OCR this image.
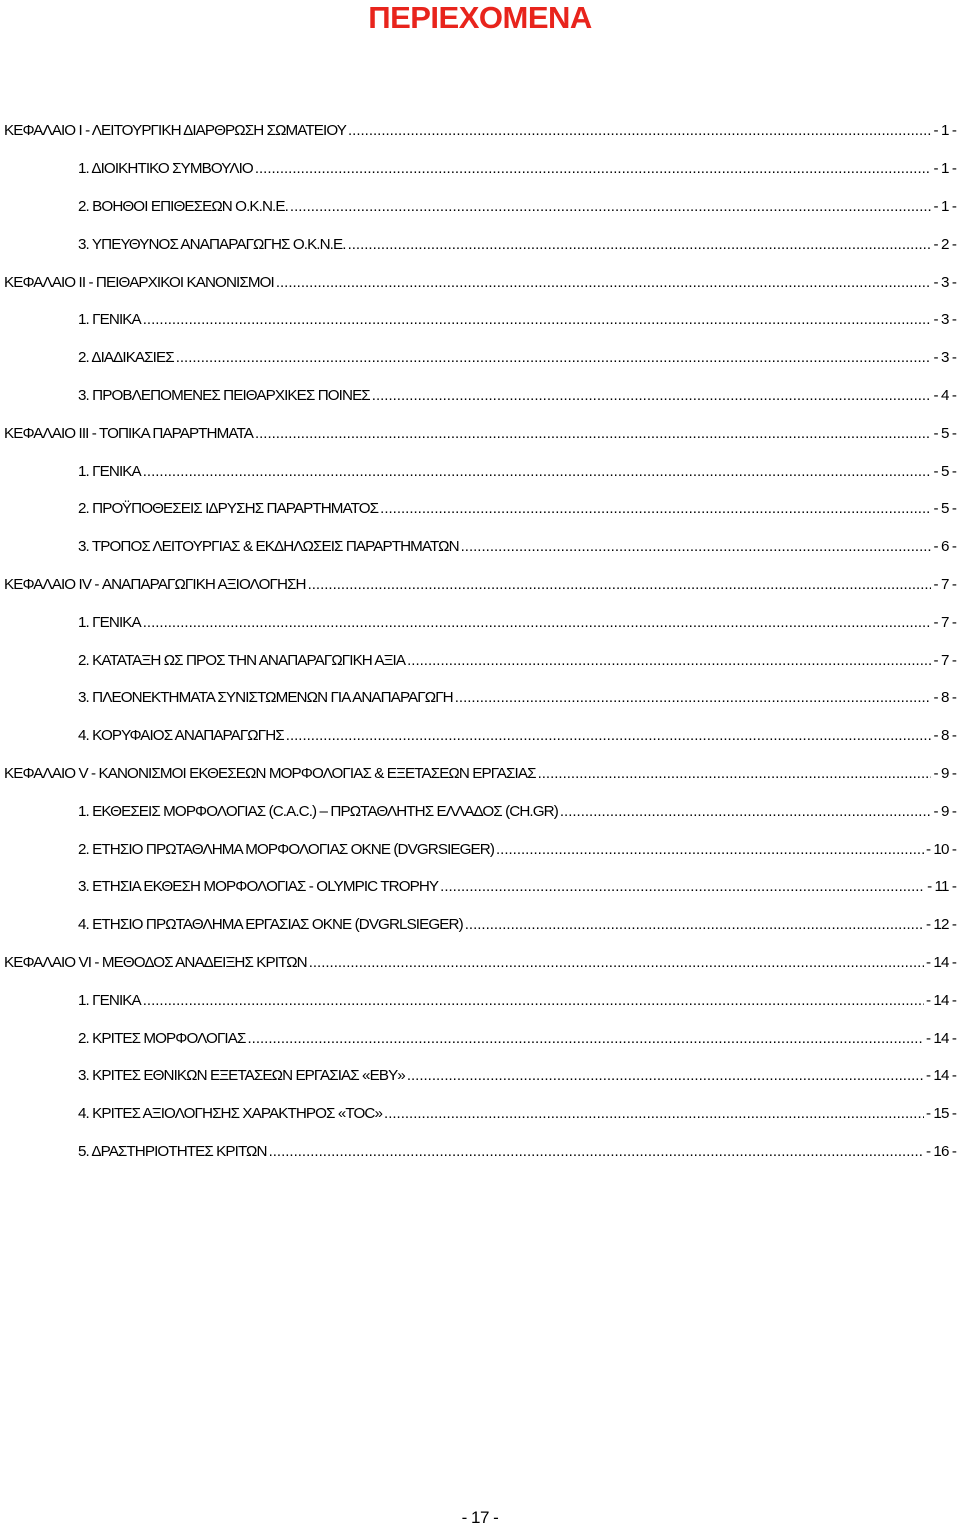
ΠΕΡΙΕΧΟΜΕΝΑ
ΚΕΦΑΛΑΙΟ Ι - ΛΕΙΤΟΥΡΓΙΚΗ ΔΙΑΡΘΡΩΣΗ ΣΩΜΑΤΕΙΟΥ .....	- 1 -
1. ΔΙΟΙΚΗΤΙΚΟ ΣΥΜΒΟΥΛΙΟ .....	- 1 -
2. ΒΟΗΘΟΙ ΕΠΙΘΕΣΕΩΝ Ο.Κ.Ν.Ε. .....	- 1 -
3. ΥΠΕΥΘΥΝΟΣ ΑΝΑΠΑΡΑΓΩΓΗΣ Ο.Κ.Ν.Ε. .....	- 2 -
ΚΕΦΑΛΑΙΟ ΙΙ - ΠΕΙΘΑΡΧΙΚΟΙ ΚΑΝΟΝΙΣΜΟΙ .....	- 3 -
1. ΓΕΝΙΚΑ .....	- 3 -
2. ΔΙΑΔΙΚΑΣΙΕΣ .....	- 3 -
3. ΠΡΟΒΛΕΠΟΜΕΝΕΣ ΠΕΙΘΑΡΧΙΚΕΣ ΠΟΙΝΕΣ .....	- 4 -
ΚΕΦΑΛΑΙΟ ΙΙΙ - ΤΟΠΙΚΑ ΠΑΡΑΡΤΗΜΑΤΑ .....	- 5 -
1. ΓΕΝΙΚΑ .....	- 5 -
2. ΠΡΟΫΠΟΘΕΣΕΙΣ ΙΔΡΥΣΗΣ ΠΑΡΑΡΤΗΜΑΤΟΣ .....	- 5 -
3. ΤΡΟΠΟΣ ΛΕΙΤΟΥΡΓΙΑΣ & ΕΚΔΗΛΩΣΕΙΣ ΠΑΡΑΡΤΗΜΑΤΩΝ .....	- 6 -
ΚΕΦΑΛΑΙΟ IV - ΑΝΑΠΑΡΑΓΩΓΙΚΗ ΑΞΙΟΛΟΓΗΣΗ .....	- 7 -
1. ΓΕΝΙΚΑ .....	- 7 -
2. ΚΑΤΑΤΑΞΗ ΩΣ ΠΡΟΣ ΤΗΝ ΑΝΑΠΑΡΑΓΩΓΙΚΗ ΑΞΙΑ .....	- 7 -
3. ΠΛΕΟΝΕΚΤΗΜΑΤΑ ΣΥΝΙΣΤΩΜΕΝΩΝ ΓΙΑ ΑΝΑΠΑΡΑΓΩΓΗ .....	- 8 -
4. ΚΟΡΥΦΑΙΟΣ ΑΝΑΠΑΡΑΓΩΓΗΣ .....	- 8 -
ΚΕΦΑΛΑΙΟ V - ΚΑΝΟΝΙΣΜΟΙ ΕΚΘΕΣΕΩΝ ΜΟΡΦΟΛΟΓΙΑΣ & ΕΞΕΤΑΣΕΩΝ ΕΡΓΑΣΙΑΣ .....	- 9 -
1. ΕΚΘΕΣΕΙΣ ΜΟΡΦΟΛΟΓΙΑΣ (C.A.C.) – ΠΡΩΤΑΘΛΗΤΗΣ ΕΛΛΑΔΟΣ (CH.GR) .....	- 9 -
2. ΕΤΗΣΙΟ ΠΡΩΤΑΘΛΗΜΑ ΜΟΡΦΟΛΟΓΙΑΣ ΟΚΝΕ (DVGRSIEGER) .....	- 10 -
3. ΕΤΗΣΙΑ ΕΚΘΕΣΗ ΜΟΡΦΟΛΟΓΙΑΣ - OLYMPIC TROPHY .....	- 11 -
4. ΕΤΗΣΙΟ ΠΡΩΤΑΘΛΗΜΑ ΕΡΓΑΣΙΑΣ ΟΚΝΕ (DVGRLSIEGER) .....	- 12 -
ΚΕΦΑΛΑΙΟ VI - ΜΕΘΟΔΟΣ ΑΝΑΔΕΙΞΗΣ ΚΡΙΤΩΝ .....	- 14 -
1. ΓΕΝΙΚΑ .....	- 14 -
2. ΚΡΙΤΕΣ ΜΟΡΦΟΛΟΓΙΑΣ .....	- 14 -
3. ΚΡΙΤΕΣ ΕΘΝΙΚΩΝ ΕΞΕΤΑΣΕΩΝ ΕΡΓΑΣΙΑΣ «ΕΒΥ» .....	- 14 -
4. ΚΡΙΤΕΣ ΑΞΙΟΛΟΓΗΣΗΣ ΧΑΡΑΚΤΗΡΟΣ «TOC» .....	- 15 -
5. ΔΡΑΣΤΗΡΙΟΤΗΤΕΣ ΚΡΙΤΩΝ .....	- 16 -
- 17 -
